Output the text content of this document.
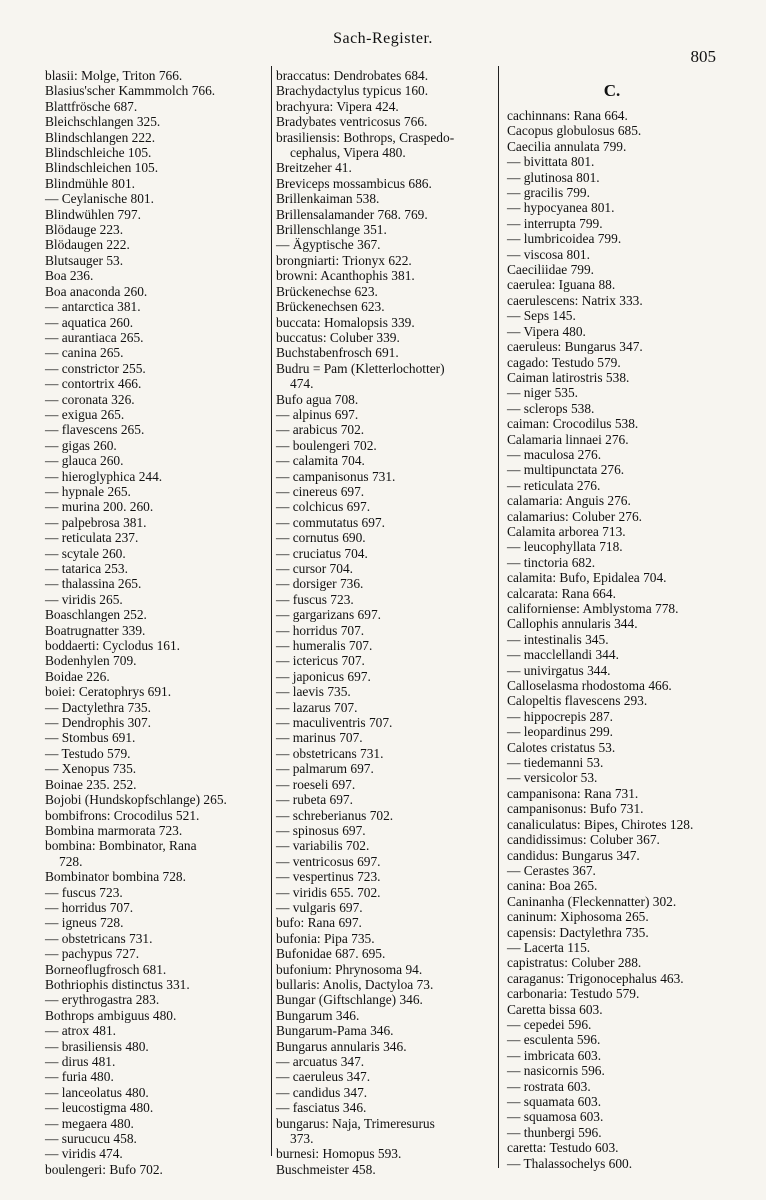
Sach-Register.
805
blasii: Molge, Triton 766.
Blasius'scher Kammmolch 766.
Blattfrösche 687.
Bleichschlangen 325.
Blindschlangen 222.
Blindschleiche 105.
Blindschleichen 105.
Blindmühle 801.
— Ceylanische 801.
Blindwühlen 797.
Blödauge 223.
Blödaugen 222.
Blutsauger 53.
Boa 236.
Boa anaconda 260.
— antarctica 381.
— aquatica 260.
— aurantiaca 265.
— canina 265.
— constrictor 255.
— contortrix 466.
— coronata 326.
— exigua 265.
— flavescens 265.
— gigas 260.
— glauca 260.
— hieroglyphica 244.
— hypnale 265.
— murina 200. 260.
— palpebrosa 381.
— reticulata 237.
— scytale 260.
— tatarica 253.
— thalassina 265.
— viridis 265.
Boaschlangen 252.
Boatrugnatter 339.
boddaerti: Cyclodus 161.
Bodenhylen 709.
Boidae 226.
boiei: Ceratophrys 691.
— Dactylethra 735.
— Dendrophis 307.
— Stombus 691.
— Testudo 579.
— Xenopus 735.
Boinae 235. 252.
Bojobi (Hundskopfschlange) 265.
bombifrons: Crocodilus 521.
Bombina marmorata 723.
bombina: Bombinator, Rana
728.
Bombinator bombina 728.
— fuscus 723.
— horridus 707.
— igneus 728.
— obstetricans 731.
— pachypus 727.
Borneoflugfrosch 681.
Bothriophis distinctus 331.
— erythrogastra 283.
Bothrops ambiguus 480.
— atrox 481.
— brasiliensis 480.
— dirus 481.
— furia 480.
— lanceolatus 480.
— leucostigma 480.
— megaera 480.
— surucucu 458.
— viridis 474.
boulengeri: Bufo 702.
braccatus: Dendrobates 684.
Brachydactylus typicus 160.
brachyura: Vipera 424.
Bradybates ventricosus 766.
brasiliensis: Bothrops, Craspedo-
cephalus, Vipera 480.
Breitzeher 41.
Breviceps mossambicus 686.
Brillenkaiman 538.
Brillensalamander 768. 769.
Brillenschlange 351.
— Ägyptische 367.
brongniarti: Trionyx 622.
browni: Acanthophis 381.
Brückenechse 623.
Brückenechsen 623.
buccata: Homalopsis 339.
buccatus: Coluber 339.
Buchstabenfrosch 691.
Budru = Pam (Kletterlochotter)
474.
Bufo agua 708.
— alpinus 697.
— arabicus 702.
— boulengeri 702.
— calamita 704.
— campanisonus 731.
— cinereus 697.
— colchicus 697.
— commutatus 697.
— cornutus 690.
— cruciatus 704.
— cursor 704.
— dorsiger 736.
— fuscus 723.
— gargarizans 697.
— horridus 707.
— humeralis 707.
— ictericus 707.
— japonicus 697.
— laevis 735.
— lazarus 707.
— maculiventris 707.
— marinus 707.
— obstetricans 731.
— palmarum 697.
— roeseli 697.
— rubeta 697.
— schreberianus 702.
— spinosus 697.
— variabilis 702.
— ventricosus 697.
— vespertinus 723.
— viridis 655. 702.
— vulgaris 697.
bufo: Rana 697.
bufonia: Pipa 735.
Bufonidae 687. 695.
bufonium: Phrynosoma 94.
bullaris: Anolis, Dactyloa 73.
Bungar (Giftschlange) 346.
Bungarum 346.
Bungarum-Pama 346.
Bungarus annularis 346.
— arcuatus 347.
— caeruleus 347.
— candidus 347.
— fasciatus 346.
bungarus: Naja, Trimeresurus
373.
burnesi: Homopus 593.
Buschmeister 458.
C.
cachinnans: Rana 664.
Cacopus globulosus 685.
Caecilia annulata 799.
— bivittata 801.
— glutinosa 801.
— gracilis 799.
— hypocyanea 801.
— interrupta 799.
— lumbricoidea 799.
— viscosa 801.
Caeciliidae 799.
caerulea: Iguana 88.
caerulescens: Natrix 333.
— Seps 145.
— Vipera 480.
caeruleus: Bungarus 347.
cagado: Testudo 579.
Caiman latirostris 538.
— niger 535.
— sclerops 538.
caiman: Crocodilus 538.
Calamaria linnaei 276.
— maculosa 276.
— multipunctata 276.
— reticulata 276.
calamaria: Anguis 276.
calamarius: Coluber 276.
Calamita arborea 713.
— leucophyllata 718.
— tinctoria 682.
calamita: Bufo, Epidalea 704.
calcarata: Rana 664.
californiense: Amblystoma 778.
Callophis annularis 344.
— intestinalis 345.
— macclellandi 344.
— univirgatus 344.
Calloselasma rhodostoma 466.
Calopeltis flavescens 293.
— hippocrepis 287.
— leopardinus 299.
Calotes cristatus 53.
— tiedemanni 53.
— versicolor 53.
campanisona: Rana 731.
campanisonus: Bufo 731.
canaliculatus: Bipes, Chirotes 128.
candidissimus: Coluber 367.
candidus: Bungarus 347.
— Cerastes 367.
canina: Boa 265.
Caninanha (Fleckennatter) 302.
caninum: Xiphosoma 265.
capensis: Dactylethra 735.
— Lacerta 115.
capistratus: Coluber 288.
caraganus: Trigonocephalus 463.
carbonaria: Testudo 579.
Caretta bissa 603.
— cepedei 596.
— esculenta 596.
— imbricata 603.
— nasicornis 596.
— rostrata 603.
— squamata 603.
— squamosa 603.
— thunbergi 596.
caretta: Testudo 603.
— Thalassochelys 600.
